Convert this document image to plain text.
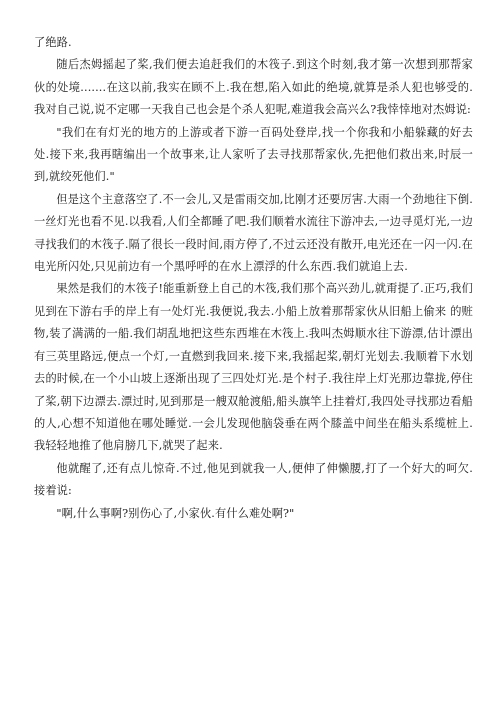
了绝路.

随后杰姆摇起了桨,我们便去追赶我们的木筏子.到这个时刻,我才第一次想到那帮家伙的处境.......在这以前,我实在顾不上.我在想,陷入如此的绝境,就算是杀人犯也够受的.我对自己说,说不定哪一天我自己也会是个杀人犯呢,难道我会高兴么?我悻悻地对杰姆说:

"我们在有灯光的地方的上游或者下游一百码处登岸,找一个你我和小船躲藏的好去处.接下来,我再瞎编出一个故事来,让人家听了去寻找那帮家伙,先把他们救出来,时辰一到,就绞死他们."

但是这个主意落空了.不一会儿,又是雷雨交加,比刚才还要厉害.大雨一个劲地往下倒.一丝灯光也看不见.以我看,人们全都睡了吧.我们顺着水流往下游冲去,一边寻觅灯光,一边寻找我们的木筏子.隔了很长一段时间,雨方停了,不过云还没有散开,电光还在一闪一闪.在电光所闪处,只见前边有一个黑呼呼的在水上漂浮的什么东西.我们就追上去.

果然是我们的木筏子!能重新登上自己的木筏,我们那个高兴劲儿,就甭提了.正巧,我们见到在下游右手的岸上有一处灯光.我便说,我去.小船上放着那帮家伙从旧船上偷来 的赃物,装了满满的一船.我们胡乱地把这些东西堆在木筏上.我叫杰姆顺水往下游漂,估计漂出有三英里路远,便点一个灯,一直燃到我回来.接下来,我摇起桨,朝灯光划去.我顺着下水划去的时候,在一个小山坡上逐渐出现了三四处灯光.是个村子.我往岸上灯光那边靠拢,停住了桨,朝下边漂去.漂过时,见到那是一艘双舱渡船,船头旗竿上挂着灯,我四处寻找那边看船的人,心想不知道他在哪处睡觉.一会儿发现他脑袋垂在两个膝盖中间坐在船头系缆桩上.我轻轻地推了他肩膀几下,就哭了起来.

他就醒了,还有点儿惊奇.不过,他见到就我一人,便伸了伸懒腰,打了一个好大的呵欠.接着说:

"啊,什么事啊?别伤心了,小家伙.有什么难处啊?"
